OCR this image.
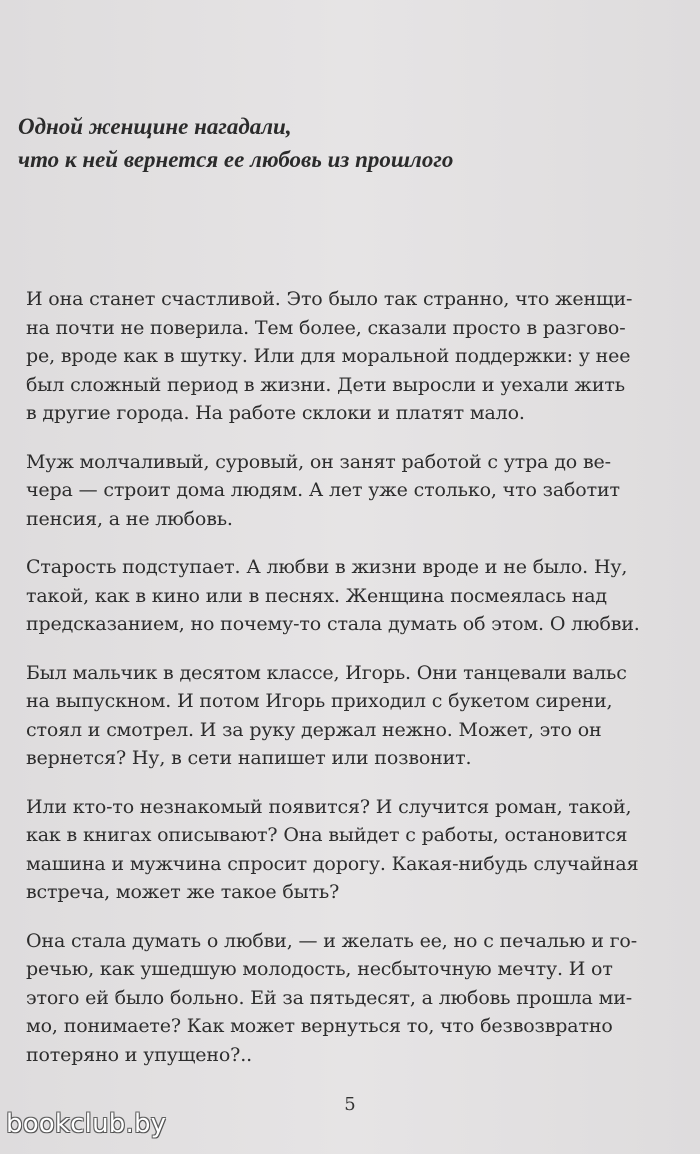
Одной женщине нагадали,
что к ней вернется ее любовь из прошлого

И она станет счастливой. Это было так странно, что женщи-
на почти не поверила. Тем более, сказали просто в разгово-
ре, вроде как в шутку. Или для моральной поддержки: у нее
был сложный период в жизни. Дети выросли и уехали жить
в другие города. На работе склоки и платят мало.

Муж молчаливый, суровый, он занят работой с утра до ве-
чера — строит дома людям. А лет уже столько, что заботит
пенсия, а не любовь.

Старость подступает. А любви в жизни вроде и не было. Ну,
такой, как в кино или в песнях. Женщина посмеялась над
предсказанием, но почему-то стала думать об этом. О любви.

Был мальчик в десятом классе, Игорь. Они танцевали вальс
на выпускном. И потом Игорь приходил с букетом сирени,
стоял и смотрел. И за руку держал нежно. Может, это он
вернется? Ну, в сети напишет или позвонит.

Или кто-то незнакомый появится? И случится роман, такой,
как в книгах описывают? Она выйдет с работы, остановится
машина и мужчина спросит дорогу. Какая-нибудь случайная
встреча, может же такое быть?

Она стала думать о любви, — и желать ее, но с печалью и го-
речью, как ушедшую молодость, несбыточную мечту. И от
этого ей было больно. Ей за пятьдесят, а любовь прошла ми-
мо, понимаете? Как может вернуться то, что безвозвратно
потеряно и упущено?..

5
bookclub.by
